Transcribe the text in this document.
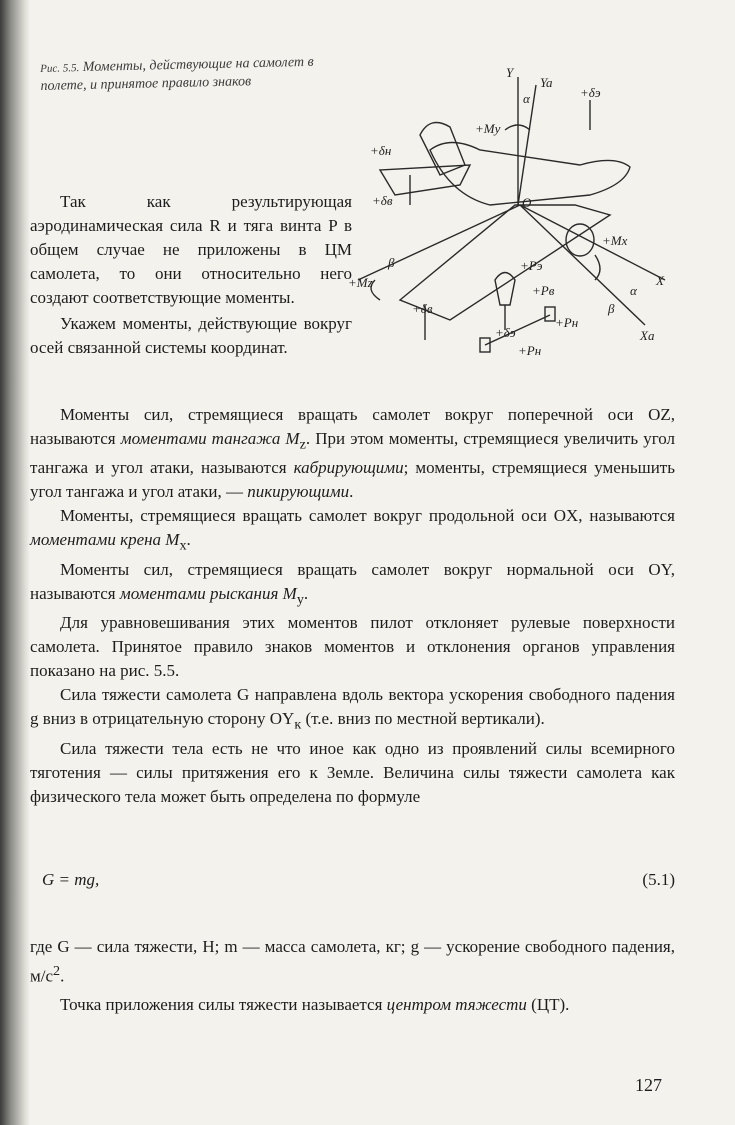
Рис. 5.5. Моменты, действующие на самолет в полете, и принятое правило знаков
Y
Ya
α
+My
+δэ
+δн
+δв	O
+Mx
β
+Mz
+Pэ
+Pв
+δв
+Pн
+Pн
+δэ
α
X
Xa
β

Так как результирующая аэродинамическая сила R и тяга винта P в общем случае не приложены в ЦМ самолета, то они относительно него создают соответствующие моменты.

Укажем моменты, действующие вокруг осей связанной системы координат.

Моменты сил, стремящиеся вращать самолет вокруг поперечной оси OZ, называются моментами тангажа $M_z$. При этом моменты, стремящиеся увеличить угол тангажа и угол атаки, называются кабрирующими; моменты, стремящиеся уменьшить угол тангажа и угол атаки, — пикирующими.

Моменты, стремящиеся вращать самолет вокруг продольной оси OX, называются моментами крена $M_x$.

Моменты сил, стремящиеся вращать самолет вокруг нормальной оси OY, называются моментами рыскания $M_y$.

Для уравновешивания этих моментов пилот отклоняет рулевые поверхности самолета. Принятое правило знаков моментов и отклонения органов управления показано на рис. 5.5.

Сила тяжести самолета G направлена вдоль вектора ускорения свободного падения g вниз в отрицательную сторону $OY_к$ (т.е. вниз по местной вертикали).

Сила тяжести тела есть не что иное как одно из проявлений силы всемирного тяготения — силы притяжения его к Земле. Величина силы тяжести самолета как физического тела может быть определена по формуле

G = mg,	(5.1)

где G — сила тяжести, Н; m — масса самолета, кг; g — ускорение свободного падения, $м/с^2$.

Точка приложения силы тяжести называется центром тяжести (ЦТ).

127
